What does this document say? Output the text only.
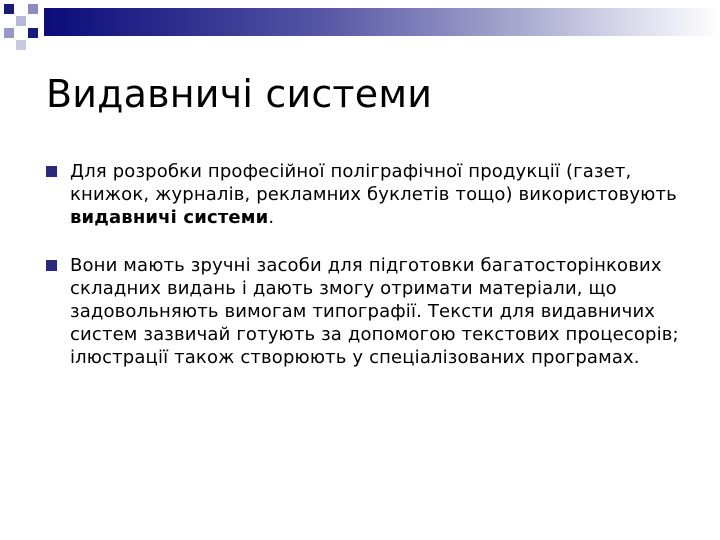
Видавничі системи
Для розробки професійної поліграфічної продукції (газет, книжок, журналів, рекламних буклетів тощо) використовують видавничі системи.
Вони мають зручні засоби для підготовки багатосторінкових складних видань і дають змогу отримати матеріали, що задовольняють вимогам типографії. Тексти для видавничих систем зазвичай готують за допомогою текстових процесорів; ілюстрації також створюють у спеціалізованих програмах.
